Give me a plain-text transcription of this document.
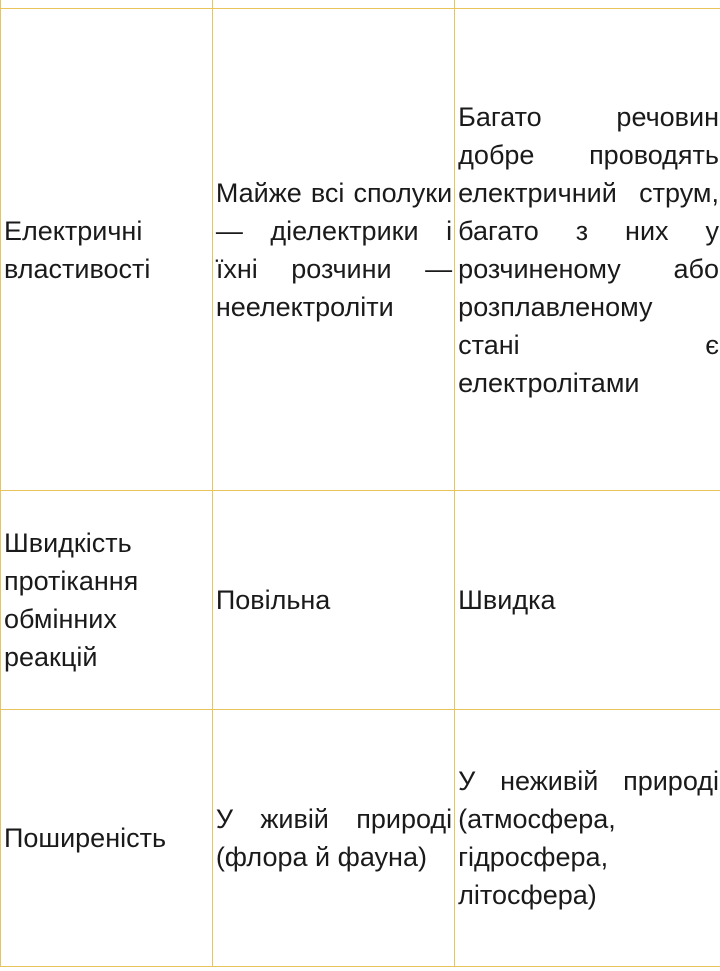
Електричні властивості	Майже всі сполуки — діелектрики і їхні розчини — неелектроліти	Багато речовин добре проводять електричний струм, багато з них у розчиненому або розплавленому стані є електролітами
Швидкість протікання обмінних реакцій	Повільна	Швидка
Поширеність	У живій природі (флора й фауна)	У неживій природі (атмосфера, гідросфера, літосфера)
